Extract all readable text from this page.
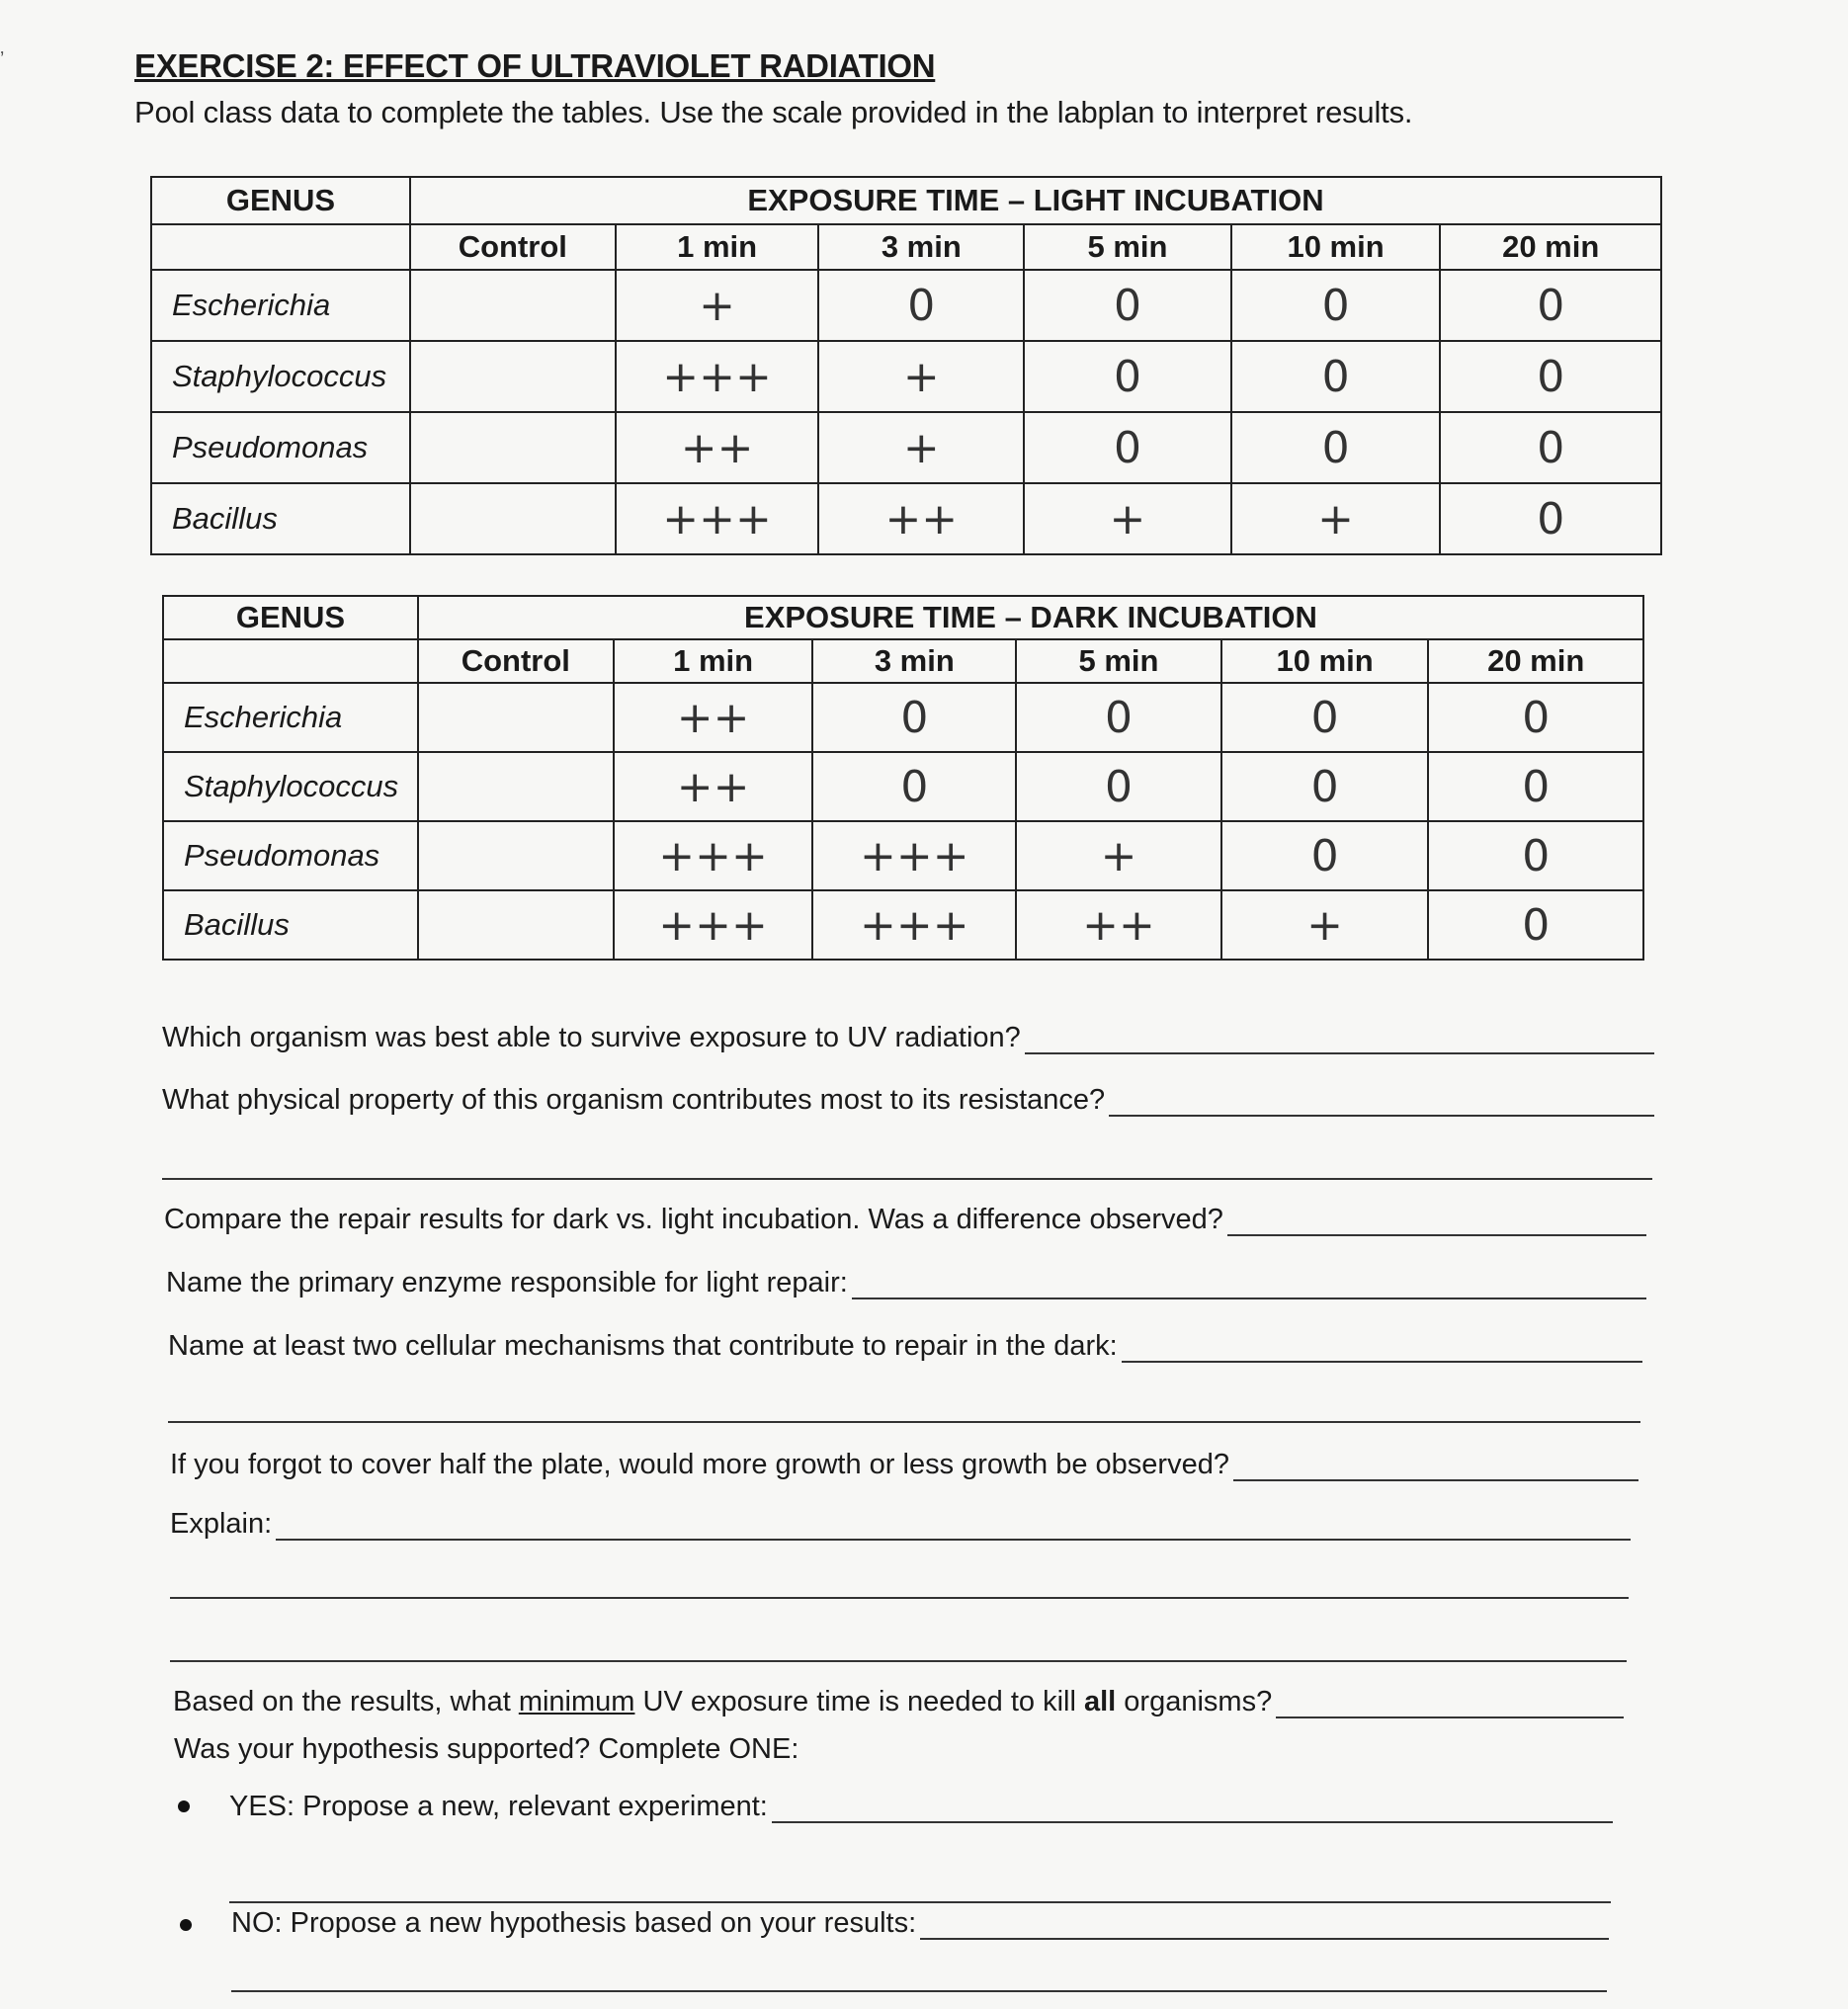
ʼ	EXERCISE 2: EFFECT OF ULTRAVIOLET RADIATION
Pool class data to complete the tables. Use the scale provided in the labplan to interpret results.
GENUS	EXPOSURE TIME – LIGHT INCUBATION					
	Control	1 min	3 min	5 min	10 min	20 min
Escherichia		+	0	0	0	0
Staphylococcus		+++	+	0	0	0
Pseudomonas		++	+	0	0	0
Bacillus		+++	++	+	+	0
GENUS	EXPOSURE TIME – DARK INCUBATION					
	Control	1 min	3 min	5 min	10 min	20 min
Escherichia		++	0	0	0	0
Staphylococcus		++	0	0	0	0
Pseudomonas		+++	+++	+	0	0
Bacillus		+++	+++	++	+	0
Which organism was best able to survive exposure to UV radiation?
What physical property of this organism contributes most to its resistance?
Compare the repair results for dark vs. light incubation. Was a difference observed?
Name the primary enzyme responsible for light repair:
Name at least two cellular mechanisms that contribute to repair in the dark:
If you forgot to cover half the plate, would more growth or less growth be observed?
Explain:
Based on the results, what minimum UV exposure time is needed to kill all organisms?
Was your hypothesis supported? Complete ONE:
YES: Propose a new, relevant experiment:
NO: Propose a new hypothesis based on your results:
